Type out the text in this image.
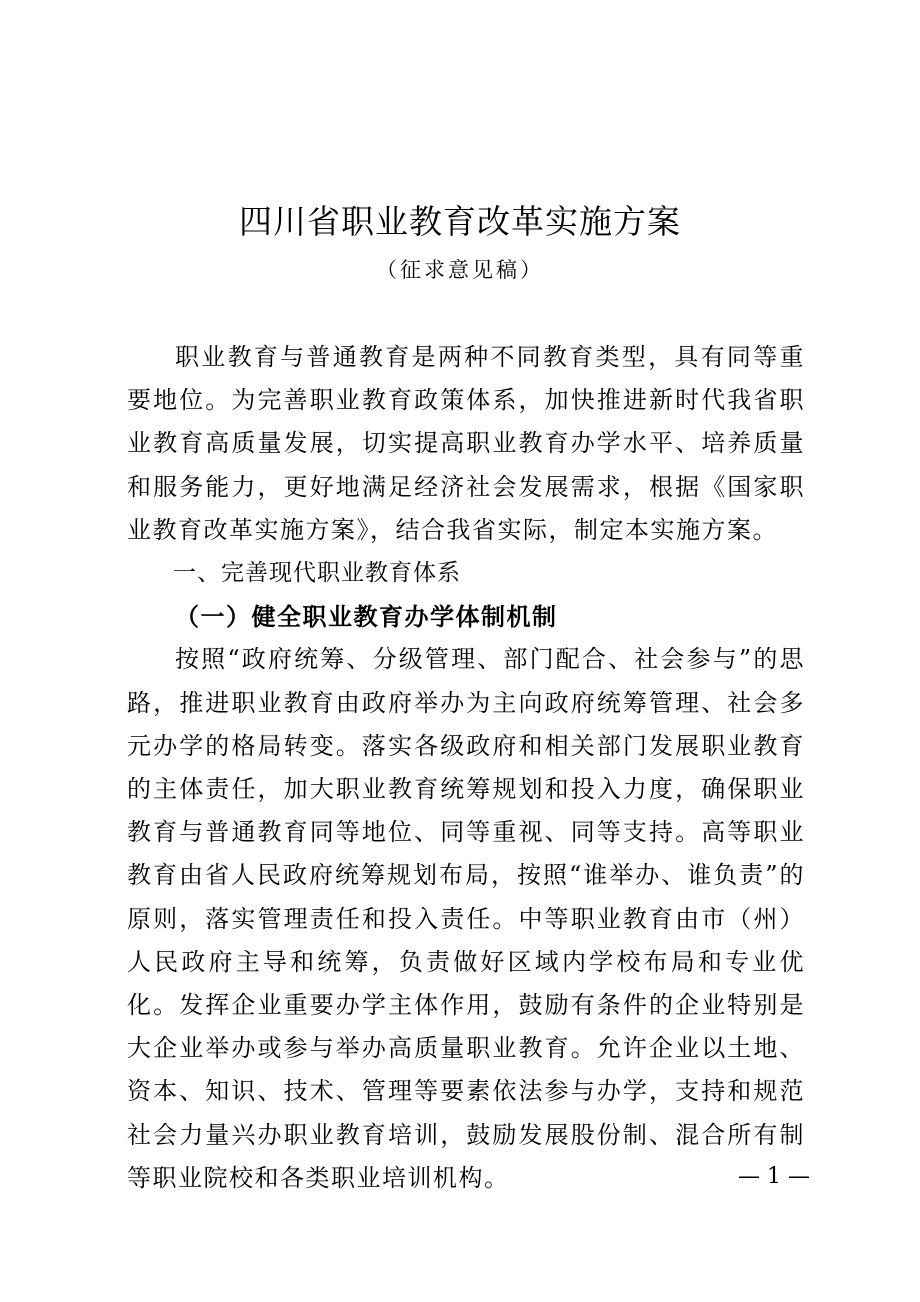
四川省职业教育改革实施方案
（征求意见稿）

职业教育与普通教育是两种不同教育类型，具有同等重要地位。为完善职业教育政策体系，加快推进新时代我省职业教育高质量发展，切实提高职业教育办学水平、培养质量和服务能力，更好地满足经济社会发展需求，根据《国家职业教育改革实施方案》，结合我省实际，制定本实施方案。

一、完善现代职业教育体系

（一）健全职业教育办学体制机制

按照“政府统筹、分级管理、部门配合、社会参与”的思路，推进职业教育由政府举办为主向政府统筹管理、社会多元办学的格局转变。落实各级政府和相关部门发展职业教育的主体责任，加大职业教育统筹规划和投入力度，确保职业教育与普通教育同等地位、同等重视、同等支持。高等职业教育由省人民政府统筹规划布局，按照“谁举办、谁负责”的原则，落实管理责任和投入责任。中等职业教育由市（州）人民政府主导和统筹，负责做好区域内学校布局和专业优化。发挥企业重要办学主体作用，鼓励有条件的企业特别是大企业举办或参与举办高质量职业教育。允许企业以土地、资本、知识、技术、管理等要素依法参与办学，支持和规范社会力量兴办职业教育培训，鼓励发展股份制、混合所有制等职业院校和各类职业培训机构。	— 1 —
